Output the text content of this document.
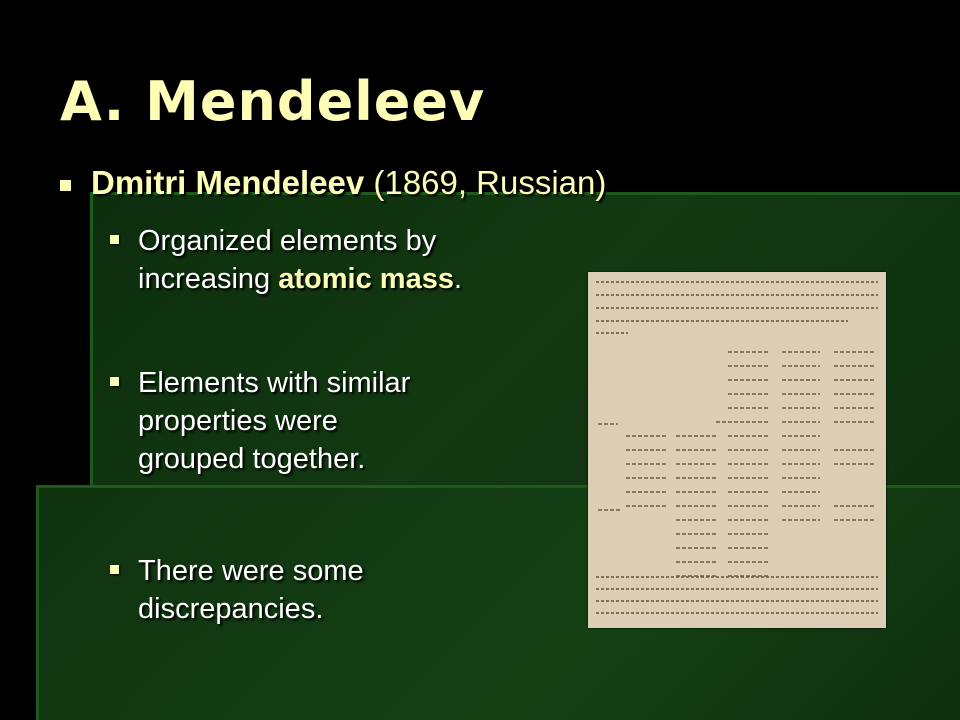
A. Mendeleev
Dmitri Mendeleev (1869, Russian)
Organized elements by increasing atomic mass.
Elements with similar properties were grouped together.
There were some discrepancies.
